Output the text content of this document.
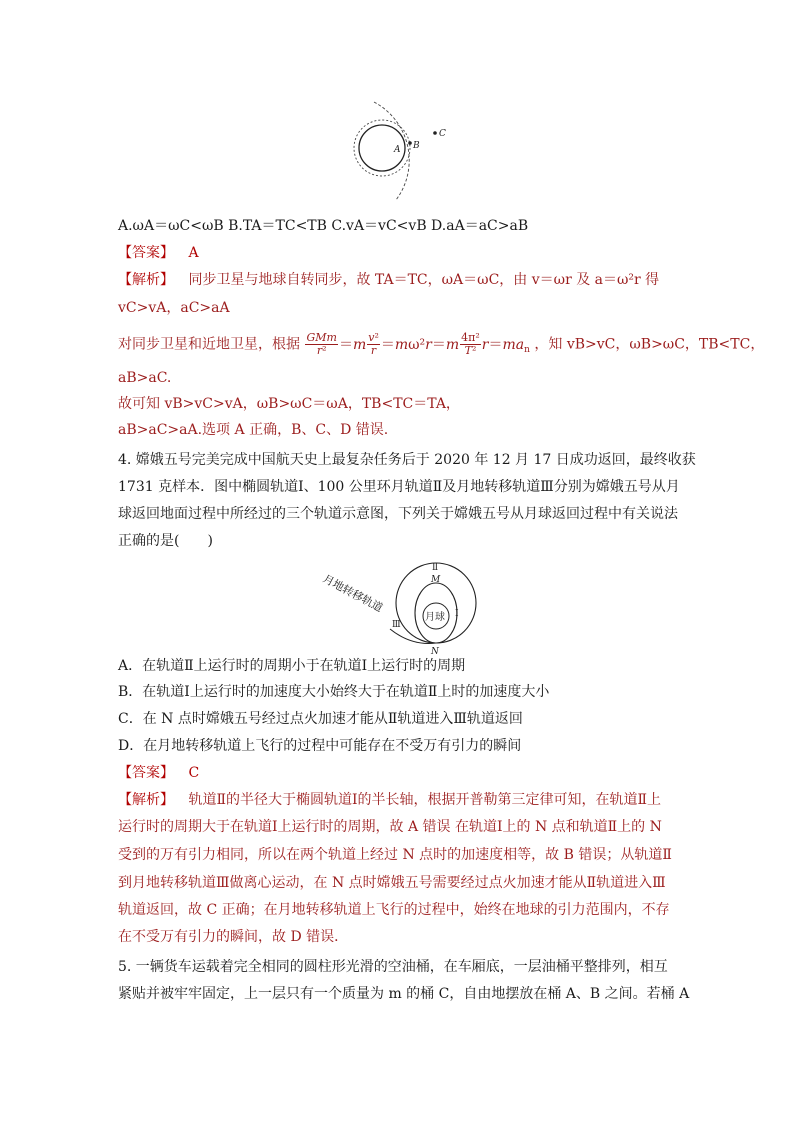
A B
C
A.ωA＝ωC<ωB B.TA＝TC<TB C.vA＝vC<vB D.aA＝aC>aB
【答案】 A
【解析】 同步卫星与地球自转同步，故 TA＝TC，ωA＝ωC，由 v＝ωr 及 a＝ω²r 得
vC>vA，aC>aA
对同步卫星和近地卫星，根据 $\frac{\text{GMm}}{\text{r²}} =m \frac{\text{v²}}{r} =m\omega^2r=m \frac{\text{4π²}}{\text{T²}} r=ma_n$ ，知 vB>vC，ωB>ωC，TB<TC，
aB>aC.
故可知 vB>vC>vA，ωB>ωC＝ωA，TB<TC＝TA，
aB>aC>aA.选项 A 正确，B、C、D 错误.
4. 嫦娥五号完美完成中国航天史上最复杂任务后于 2020 年 12 月 17 日成功返回，最终收获
1731 克样本．图中椭圆轨道Ⅰ、100 公里环月轨道Ⅱ及月地转移轨道Ⅲ分别为嫦娥五号从月
球返回地面过程中所经过的三个轨道示意图，下列关于嫦娥五号从月球返回过程中有关说法
正确的是(　　)
月地转移轨道
月球
M
N
Ⅱ
Ⅰ
Ⅲ
A．在轨道Ⅱ上运行时的周期小于在轨道Ⅰ上运行时的周期
B．在轨道Ⅰ上运行时的加速度大小始终大于在轨道Ⅱ上时的加速度大小
C．在 N 点时嫦娥五号经过点火加速才能从Ⅱ轨道进入Ⅲ轨道返回
D．在月地转移轨道上飞行的过程中可能存在不受万有引力的瞬间
【答案】 C
【解析】 轨道Ⅱ的半径大于椭圆轨道Ⅰ的半长轴，根据开普勒第三定律可知，在轨道Ⅱ上
运行时的周期大于在轨道Ⅰ上运行时的周期，故 A 错误 在轨道Ⅰ上的 N 点和轨道Ⅱ上的 N
受到的万有引力相同，所以在两个轨道上经过 N 点时的加速度相等，故 B 错误；从轨道Ⅱ
到月地转移轨道Ⅲ做离心运动，在 N 点时嫦娥五号需要经过点火加速才能从Ⅱ轨道进入Ⅲ
轨道返回，故 C 正确；在月地转移轨道上飞行的过程中，始终在地球的引力范围内，不存
在不受万有引力的瞬间，故 D 错误．
5. 一辆货车运载着完全相同的圆柱形光滑的空油桶，在车厢底，一层油桶平整排列，相互
紧贴并被牢牢固定，上一层只有一个质量为 m 的桶 C，自由地摆放在桶 A、B 之间。若桶 A
